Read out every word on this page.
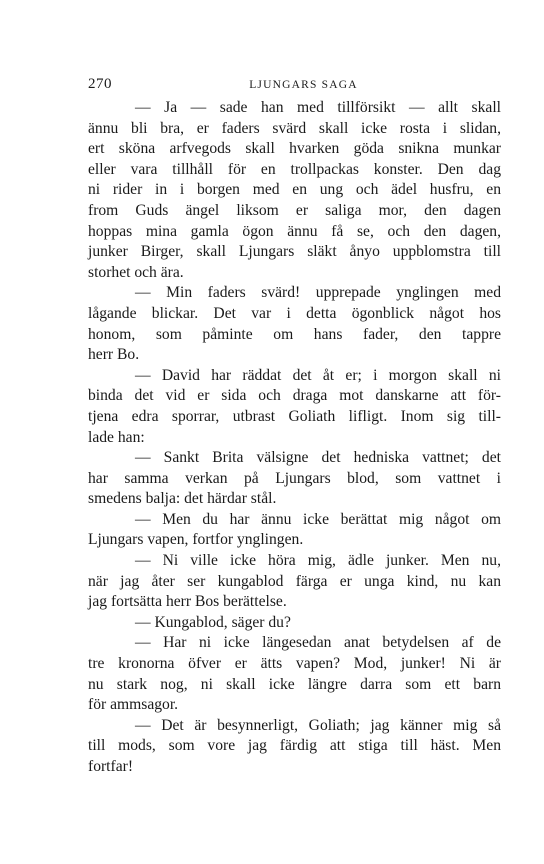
270	LJUNGARS SAGA
— Ja — sade han med tillförsikt — allt skall
ännu bli bra, er faders svärd skall icke rosta i slidan,
ert sköna arfvegods skall hvarken göda snikna munkar
eller vara tillhåll för en trollpackas konster. Den dag
ni rider in i borgen med en ung och ädel husfru, en
from Guds ängel liksom er saliga mor, den dagen
hoppas mina gamla ögon ännu få se, och den dagen,
junker Birger, skall Ljungars släkt ånyo uppblomstra till
storhet och ära.
— Min faders svärd! upprepade ynglingen med
lågande blickar. Det var i detta ögonblick något hos
honom, som påminte om hans fader, den tappre
herr Bo.
— David har räddat det åt er; i morgon skall ni
binda det vid er sida och draga mot danskarne att för-
tjena edra sporrar, utbrast Goliath lifligt. Inom sig till-
lade han:
— Sankt Brita välsigne det hedniska vattnet; det
har samma verkan på Ljungars blod, som vattnet i
smedens balja: det härdar stål.
— Men du har ännu icke berättat mig något om
Ljungars vapen, fortfor ynglingen.
— Ni ville icke höra mig, ädle junker. Men nu,
när jag åter ser kungablod färga er unga kind, nu kan
jag fortsätta herr Bos berättelse.
— Kungablod, säger du?
— Har ni icke längesedan anat betydelsen af de
tre kronorna öfver er ätts vapen? Mod, junker! Ni är
nu stark nog, ni skall icke längre darra som ett barn
för ammsagor.
— Det är besynnerligt, Goliath; jag känner mig så
till mods, som vore jag färdig att stiga till häst. Men
fortfar!
